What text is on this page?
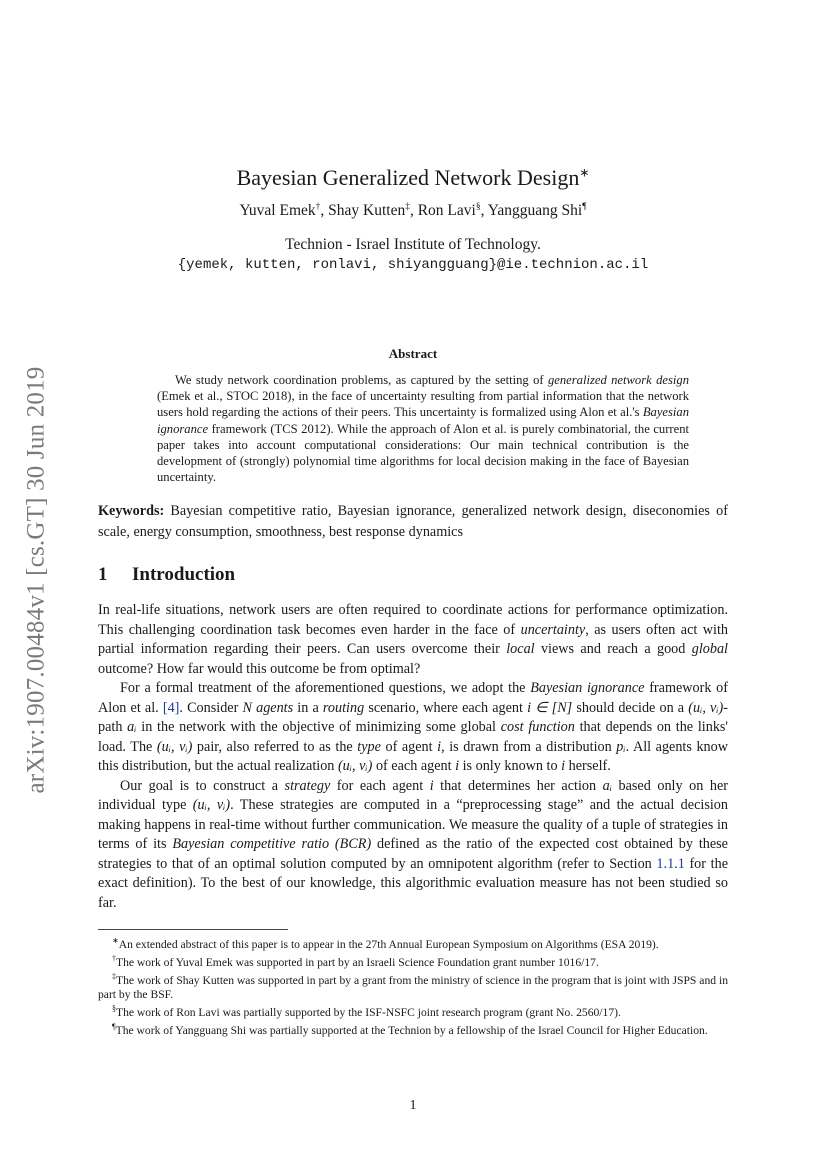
arXiv:1907.00484v1 [cs.GT] 30 Jun 2019
Bayesian Generalized Network Design∗
Yuval Emek†, Shay Kutten‡, Ron Lavi§, Yangguang Shi¶
Technion - Israel Institute of Technology.
{yemek, kutten, ronlavi, shiyangguang}@ie.technion.ac.il
Abstract

We study network coordination problems, as captured by the setting of generalized network design (Emek et al., STOC 2018), in the face of uncertainty resulting from partial information that the network users hold regarding the actions of their peers. This uncertainty is formalized using Alon et al.'s Bayesian ignorance framework (TCS 2012). While the approach of Alon et al. is purely combinatorial, the current paper takes into account computational considerations: Our main technical contribution is the development of (strongly) polynomial time algorithms for local decision making in the face of Bayesian uncertainty.

Keywords: Bayesian competitive ratio, Bayesian ignorance, generalized network design, diseconomies of scale, energy consumption, smoothness, best response dynamics

1 Introduction

In real-life situations, network users are often required to coordinate actions for performance optimization. This challenging coordination task becomes even harder in the face of uncertainty, as users often act with partial information regarding their peers. Can users overcome their local views and reach a good global outcome? How far would this outcome be from optimal?

For a formal treatment of the aforementioned questions, we adopt the Bayesian ignorance framework of Alon et al. [4]. Consider N agents in a routing scenario, where each agent i ∈ [N] should decide on a (uᵢ, vᵢ)-path aᵢ in the network with the objective of minimizing some global cost function that depends on the links' load. The (uᵢ, vᵢ) pair, also referred to as the type of agent i, is drawn from a distribution pᵢ. All agents know this distribution, but the actual realization (uᵢ, vᵢ) of each agent i is only known to i herself.

Our goal is to construct a strategy for each agent i that determines her action aᵢ based only on her individual type (uᵢ, vᵢ). These strategies are computed in a “preprocessing stage” and the actual decision making happens in real-time without further communication. We measure the quality of a tuple of strategies in terms of its Bayesian competitive ratio (BCR) defined as the ratio of the expected cost obtained by these strategies to that of an optimal solution computed by an omnipotent algorithm (refer to Section 1.1.1 for the exact definition). To the best of our knowledge, this algorithmic evaluation measure has not been studied so far.

∗An extended abstract of this paper is to appear in the 27th Annual European Symposium on Algorithms (ESA 2019).

†The work of Yuval Emek was supported in part by an Israeli Science Foundation grant number 1016/17.

‡The work of Shay Kutten was supported in part by a grant from the ministry of science in the program that is joint with JSPS and in part by the BSF.

§The work of Ron Lavi was partially supported by the ISF-NSFC joint research program (grant No. 2560/17).

¶The work of Yangguang Shi was partially supported at the Technion by a fellowship of the Israel Council for Higher Education.

1
